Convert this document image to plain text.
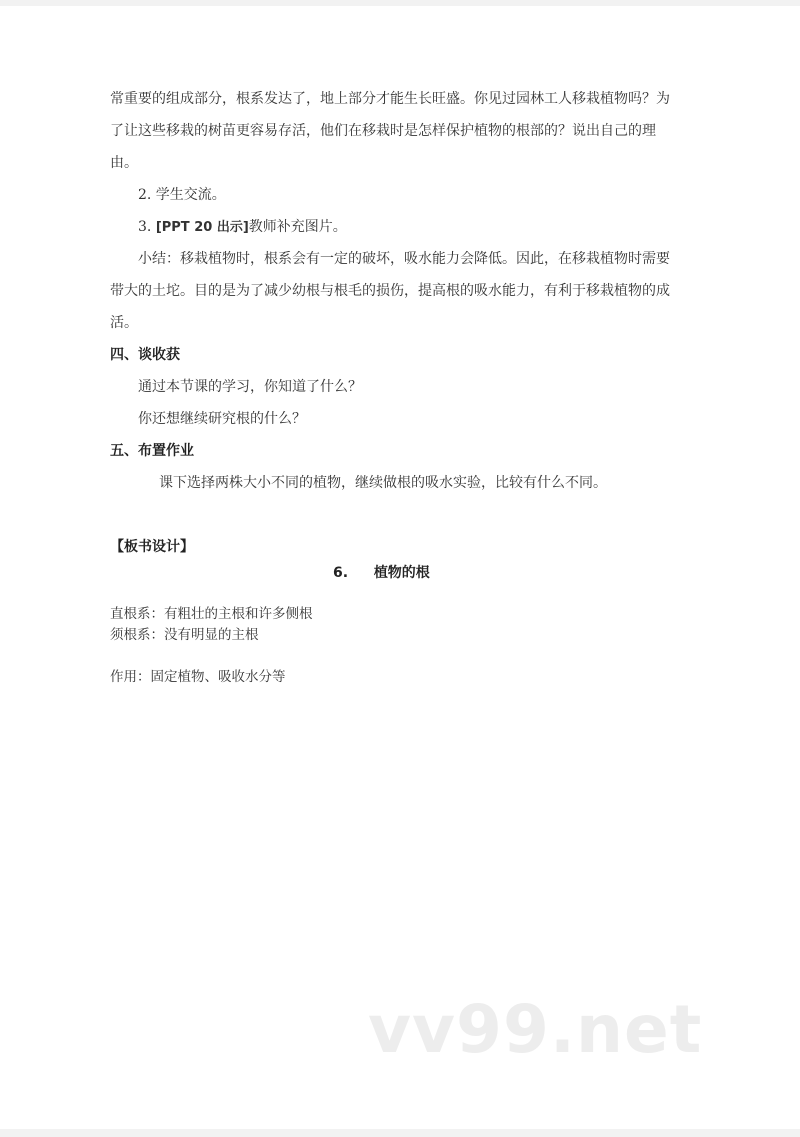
常重要的组成部分，根系发达了，地上部分才能生长旺盛。你见过园林工人移栽植物吗？为
了让这些移栽的树苗更容易存活，他们在移栽时是怎样保护植物的根部的？说出自己的理
由。
2. 学生交流。
3. [PPT 20 出示]教师补充图片。
小结：移栽植物时，根系会有一定的破坏，吸水能力会降低。因此，在移栽植物时需要
带大的土坨。目的是为了减少幼根与根毛的损伤，提高根的吸水能力，有利于移栽植物的成
活。
四、谈收获
通过本节课的学习，你知道了什么？
你还想继续研究根的什么？
五、布置作业
课下选择两株大小不同的植物，继续做根的吸水实验，比较有什么不同。
【板书设计】
6. 植物的根
直根系：有粗壮的主根和许多侧根
须根系：没有明显的主根
作用：固定植物、吸收水分等
vv99.net
